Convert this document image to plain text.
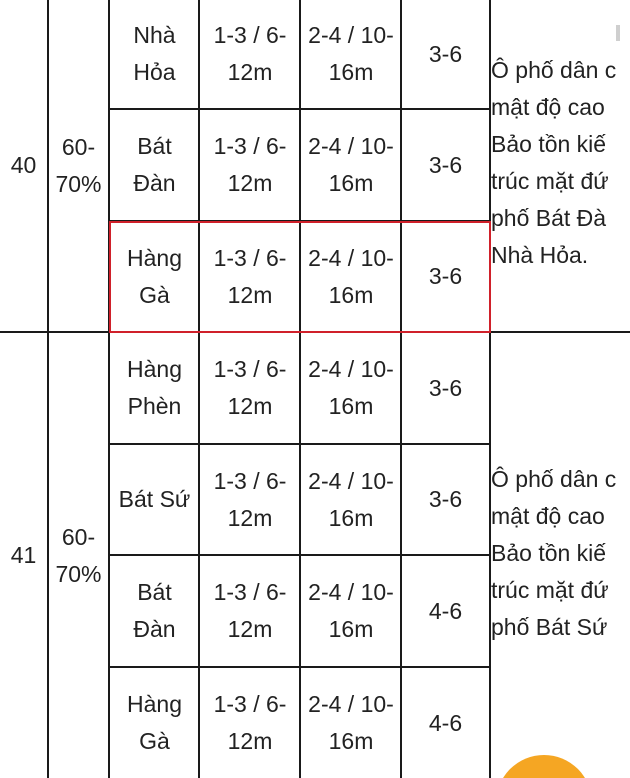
40
60-
70%
Nhà
Hỏa
1-3 / 6-
12m
2-4 / 10-
16m
3-6
Bát
Đàn
1-3 / 6-
12m
2-4 / 10-
16m
3-6
Hàng
Gà
1-3 / 6-
12m
2-4 / 10-
16m
3-6
Ô phố dân c
mật độ cao
Bảo tồn kiế
trúc mặt đứ
phố Bát Đà
Nhà Hỏa.
41
60-
70%
Hàng
Phèn
1-3 / 6-
12m
2-4 / 10-
16m
3-6
Bát Sứ
1-3 / 6-
12m
2-4 / 10-
16m
3-6
Bát
Đàn
1-3 / 6-
12m
2-4 / 10-
16m
4-6
Hàng
Gà
1-3 / 6-
12m
2-4 / 10-
16m
4-6
Ô phố dân c
mật độ cao
Bảo tồn kiế
trúc mặt đứ
phố Bát Sứ
